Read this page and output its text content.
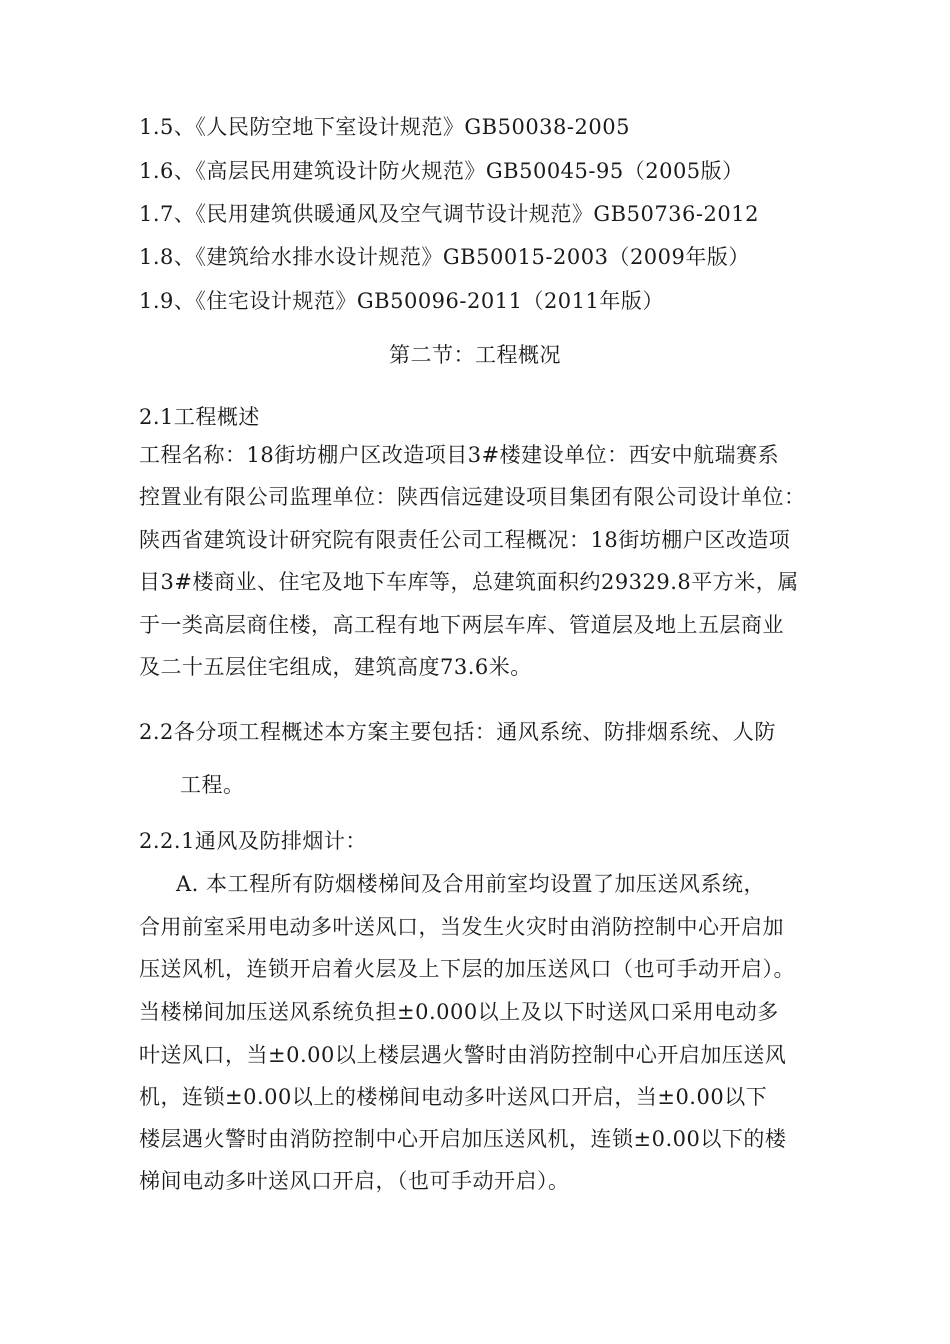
1.5、《人民防空地下室设计规范》GB50038-2005
1.6、《高层民用建筑设计防火规范》GB50045-95（2005版）
1.7、《民用建筑供暖通风及空气调节设计规范》GB50736-2012
1.8、《建筑给水排水设计规范》GB50015-2003（2009年版）
1.9、《住宅设计规范》GB50096-2011（2011年版）
第二节：工程概况
2.1工程概述
工程名称：18街坊棚户区改造项目3#楼建设单位：西安中航瑞赛系
控置业有限公司监理单位：陕西信远建设项目集团有限公司设计单位：
陕西省建筑设计研究院有限责任公司工程概况：18街坊棚户区改造项
目3#楼商业、住宅及地下车库等，总建筑面积约29329.8平方米，属
于一类高层商住楼，高工程有地下两层车库、管道层及地上五层商业
及二十五层住宅组成，建筑高度73.6米。
2.2各分项工程概述本方案主要包括：通风系统、防排烟系统、人防
工程。
2.2.1通风及防排烟计：
A. 本工程所有防烟楼梯间及合用前室均设置了加压送风系统，
合用前室采用电动多叶送风口，当发生火灾时由消防控制中心开启加
压送风机，连锁开启着火层及上下层的加压送风口（也可手动开启）。
当楼梯间加压送风系统负担±0.000以上及以下时送风口采用电动多
叶送风口，当±0.00以上楼层遇火警时由消防控制中心开启加压送风
机，连锁±0.00以上的楼梯间电动多叶送风口开启，当±0.00以下
楼层遇火警时由消防控制中心开启加压送风机，连锁±0.00以下的楼
梯间电动多叶送风口开启，（也可手动开启）。
